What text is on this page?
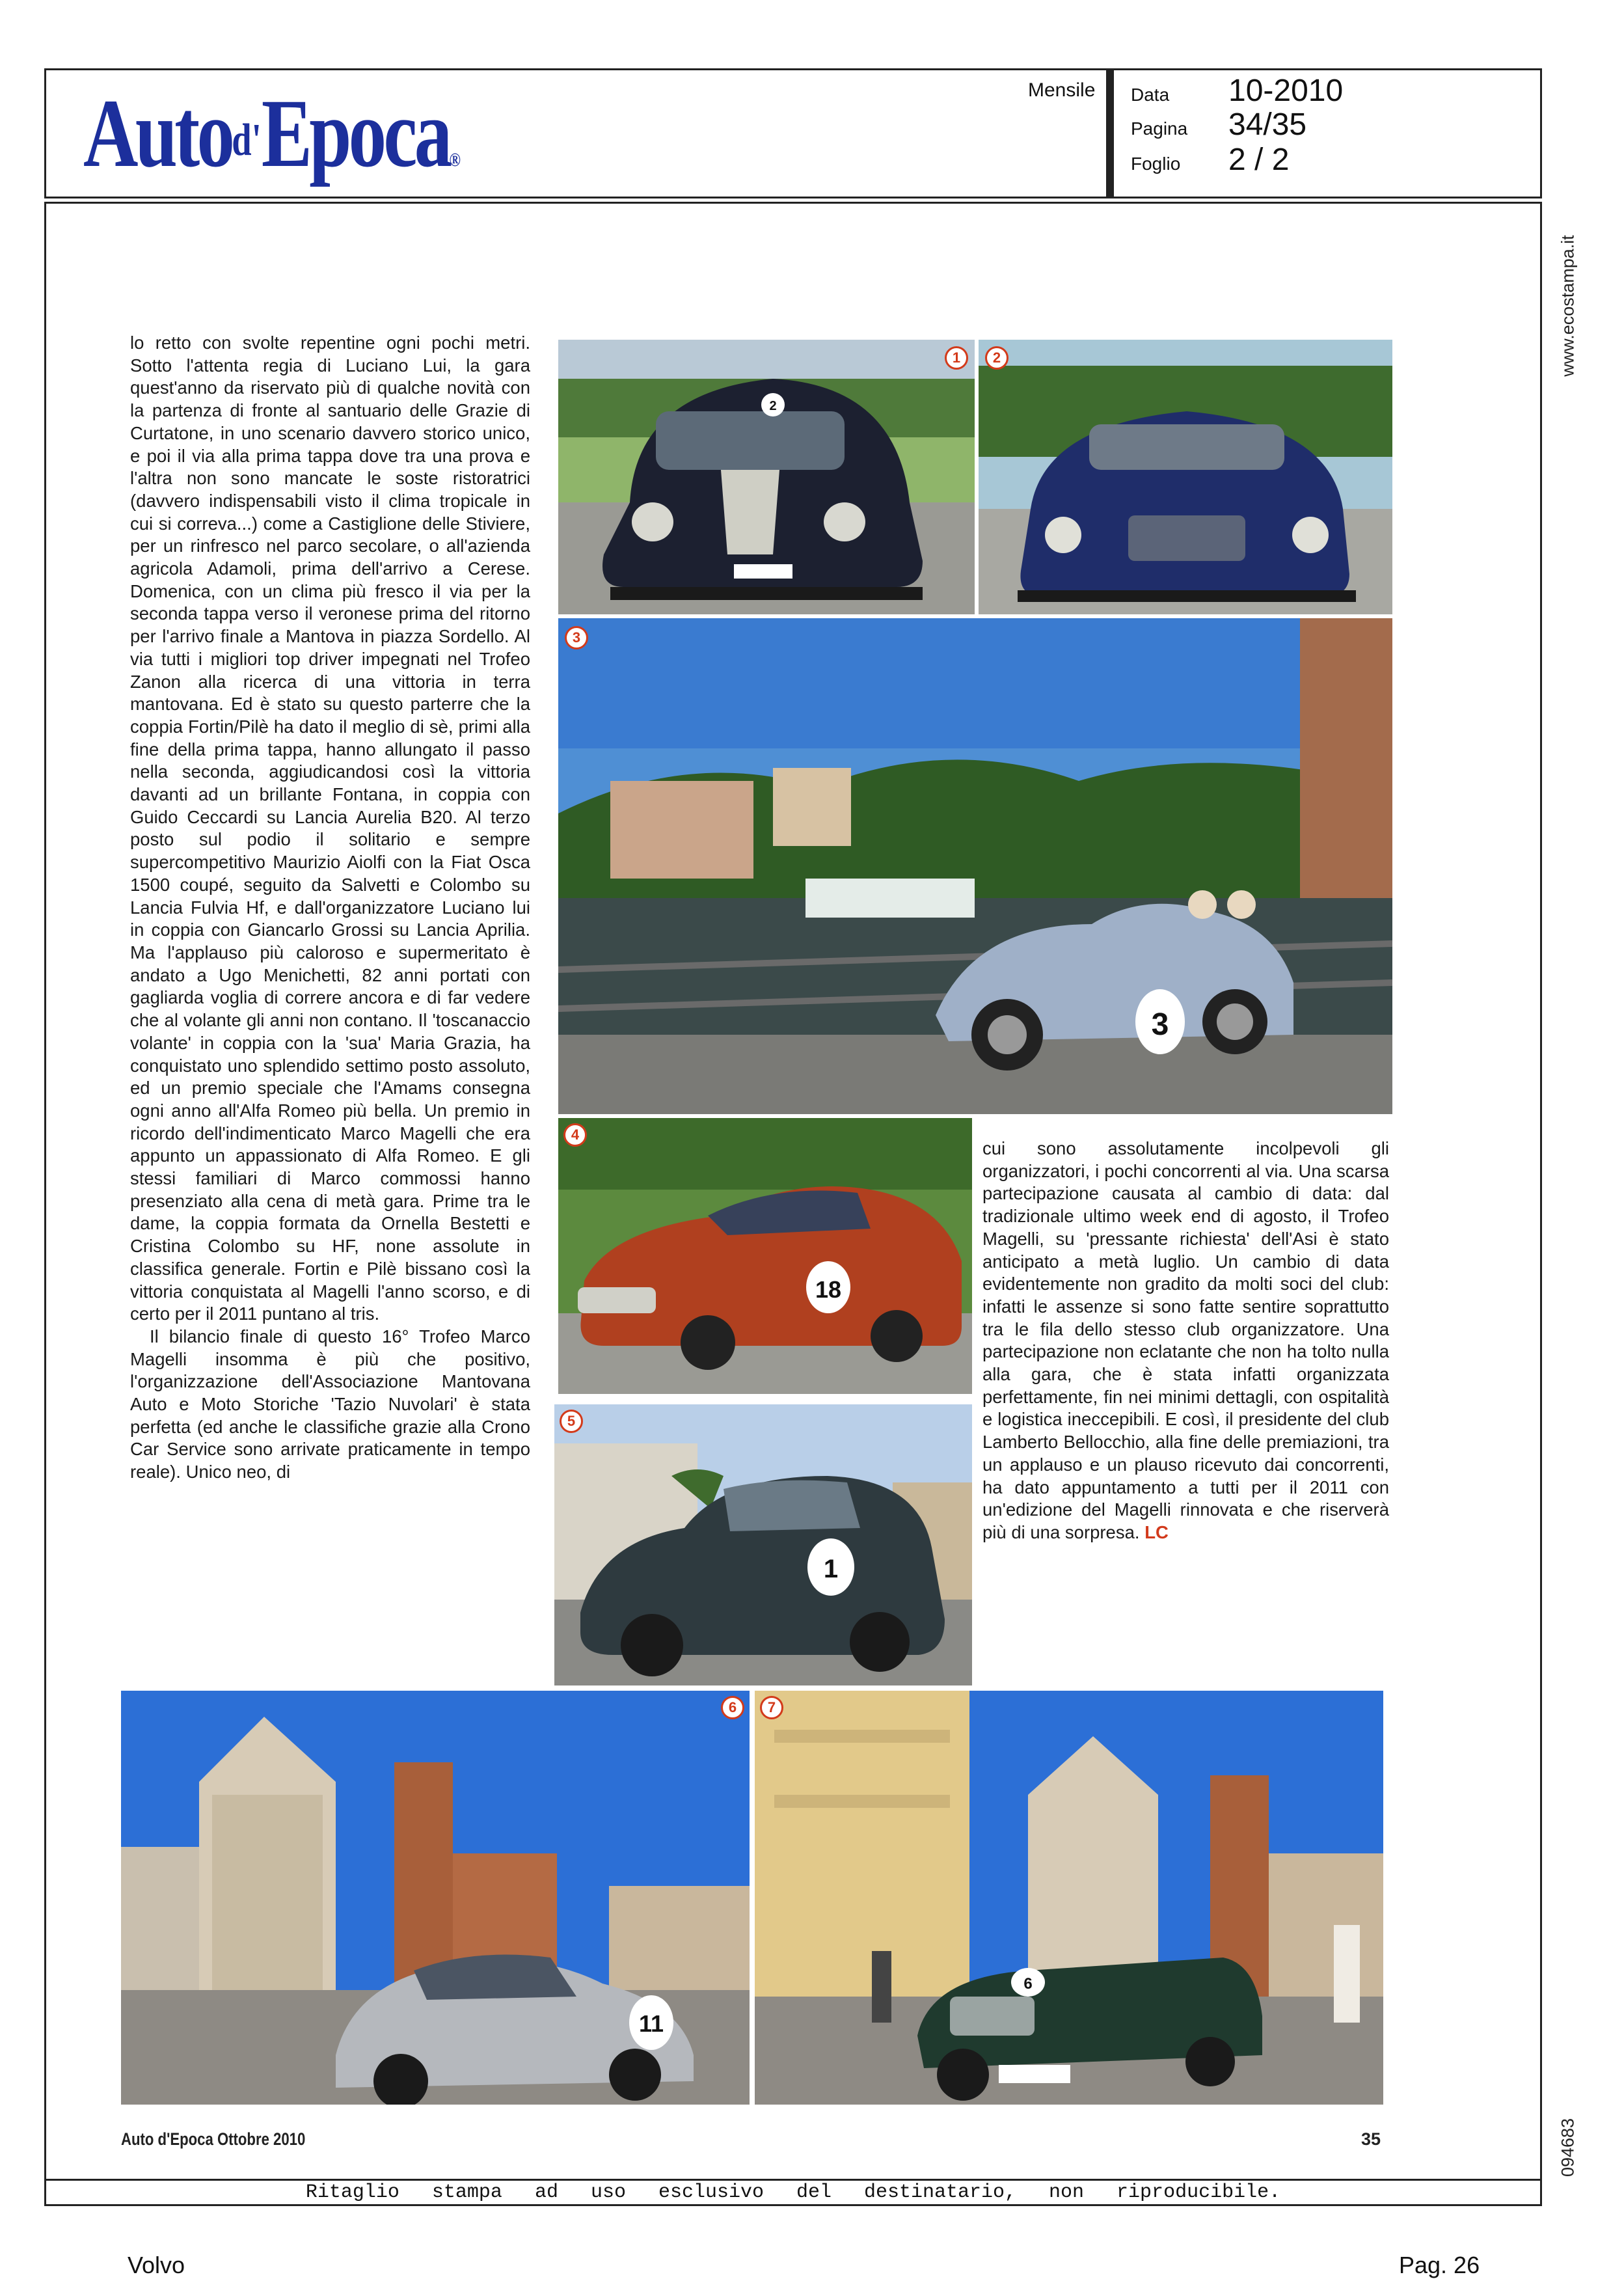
Auto$^{d'}$Epoca®
Mensile Data 10-2010
Pagina 34/35
Foglio 2 / 2
www.ecostampa.it
094683

lo retto con svolte repentine ogni pochi metri. Sotto l'attenta regia di Luciano Lui, la gara quest'anno da riservato più di qualche novità con la partenza di fronte al santuario delle Grazie di Curtatone, in uno scenario davvero storico unico, e poi il via alla prima tappa dove tra una prova e l'altra non sono mancate le soste ristoratrici (davvero indispensabili visto il clima tropicale in cui si correva...) come a Castiglione delle Stiviere, per un rinfresco nel parco secolare, o all'azienda agricola Adamoli, prima dell'arrivo a Cerese. Domenica, con un clima più fresco il via per la seconda tappa verso il veronese prima del ritorno per l'arrivo finale a Mantova in piazza Sordello. Al via tutti i migliori top driver impegnati nel Trofeo Zanon alla ricerca di una vittoria in terra mantovana. Ed è stato su questo parterre che la coppia Fortin/Pilè ha dato il meglio di sè, primi alla fine della prima tappa, hanno allungato il passo nella seconda, aggiudicandosi così la vittoria davanti ad un brillante Fontana, in coppia con Guido Ceccardi su Lancia Aurelia B20. Al terzo posto sul podio il solitario e sempre supercompetitivo Maurizio Aiolfi con la Fiat Osca 1500 coupé, seguito da Salvetti e Colombo su Lancia Fulvia Hf, e dall'organizzatore Luciano lui in coppia con Giancarlo Grossi su Lancia Aprilia. Ma l'applauso più caloroso e supermeritato è andato a Ugo Menichetti, 82 anni portati con gagliarda voglia di correre ancora e di far vedere che al volante gli anni non contano. Il 'toscanaccio volante' in coppia con la 'sua' Maria Grazia, ha conquistato uno splendido settimo posto assoluto, ed un premio speciale che l'Amams consegna ogni anno all'Alfa Romeo più bella. Un premio in ricordo dell'indimenticato Marco Magelli che era appunto un appassionato di Alfa Romeo. E gli stessi familiari di Marco commossi hanno presenziato alla cena di metà gara. Prime tra le dame, la coppia formata da Ornella Bestetti e Cristina Colombo su HF, none assolute in classifica generale. Fortin e Pilè bissano così la vittoria conquistata al Magelli l'anno scorso, e di certo per il 2011 puntano al tris.

Il bilancio finale di questo 16° Trofeo Marco Magelli insomma è più che positivo, l'organizzazione dell'Associazione Mantovana Auto e Moto Storiche 'Tazio Nuvolari' è stata perfetta (ed anche le classifiche grazie alla Crono Car Service sono arrivate praticamente in tempo reale). Unico neo, di

cui sono assolutamente incolpevoli gli organizzatori, i pochi concorrenti al via. Una scarsa partecipazione causata al cambio di data: dal tradizionale ultimo week end di agosto, il Trofeo Magelli, su 'pressante richiesta' dell'Asi è stato anticipato a metà luglio. Un cambio di data evidentemente non gradito da molti soci del club: infatti le assenze si sono fatte sentire soprattutto tra le fila dello stesso club organizzatore. Una partecipazione non eclatante che non ha tolto nulla alla gara, che è stata infatti organizzata perfettamente, fin nei minimi dettagli, con ospitalità e logistica ineccepibili. E così, il presidente del club Lamberto Bellocchio, alla fine delle premiazioni, tra un applauso e un plauso ricevuto dai concorrenti, ha dato appuntamento a tutti per il 2011 con un'edizione del Magelli rinnovata e che riserverà più di una sorpresa. LC

2
1	2
3
3
18
4
1
5
11
6
6
7
Auto d'Epoca Ottobre 2010	35
Ritaglio stampa ad uso esclusivo del destinatario, non riproducibile.
Volvo	Pag. 26
